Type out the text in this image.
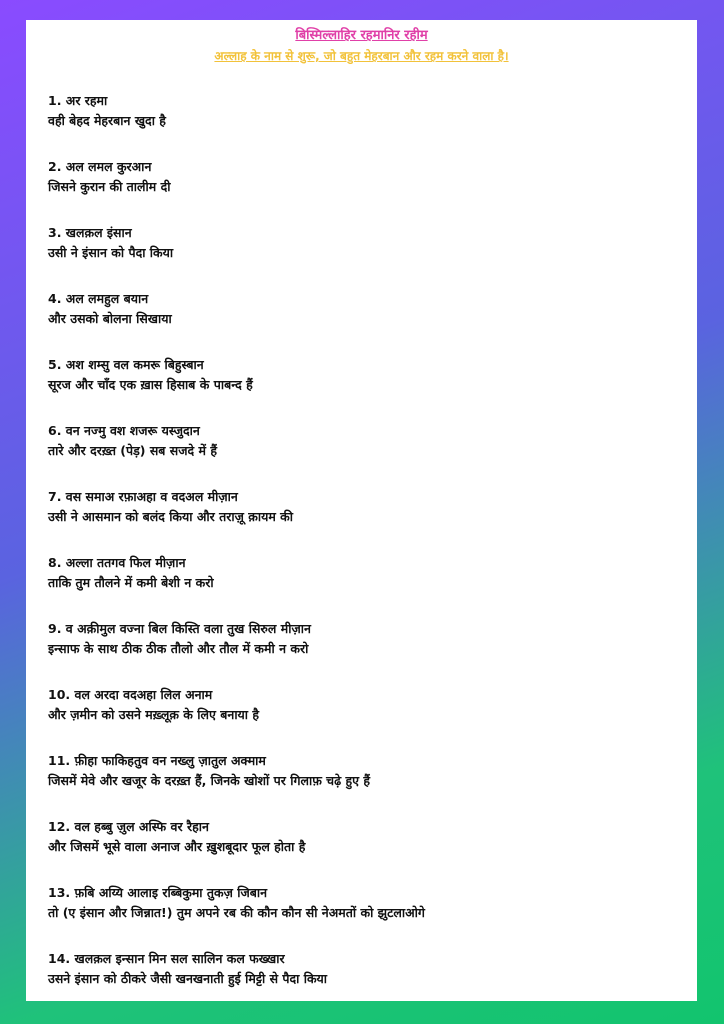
बिस्मिल्लाहिर रहमानिर रहीम
अल्लाह के नाम से शुरू, जो बहुत मेहरबान और रहम करने वाला है।
1. अर रहमा
वही बेहद मेहरबान खुदा है
2. अल लमल कुरआन
जिसने कुरान की तालीम दी
3. खलक़ल इंसान
उसी ने इंसान को पैदा किया
4. अल लमहुल बयान
और उसको बोलना सिखाया
5. अश शम्सु वल कमरू बिहुस्बान
सूरज और चाँद एक ख़ास हिसाब के पाबन्द हैं
6. वन नज्मु वश शजरू यस्जुदान
तारे और दरख़्त (पेड़) सब सजदे में हैं
7. वस समाअ रफ़ाअहा व वदअल मीज़ान
उसी ने आसमान को बलंद किया और तराज़ू क़ायम की
8. अल्ला ततगव फिल मीज़ान
ताकि तुम तौलने में कमी बेशी न करो
9. व अक़ीमुल वज्ना बिल किस्ति वला तुख सिरुल मीज़ान
इन्साफ के साथ ठीक ठीक तौलो और तौल में कमी न करो
10. वल अरदा वदअहा लिल अनाम
और ज़मीन को उसने मख़्लूक़ के लिए बनाया है
11. फ़ीहा फाकिहतुव वन नख्लु ज़ातुल अक्माम
जिसमें मेवे और खजूर के दरख़्त हैं, जिनके खोशों पर गिलाफ़ चढ़े हुए हैं
12. वल हब्बु ज़ुल अस्फि वर रैहान
और जिसमें भूसे वाला अनाज और ख़ुशबूदार फूल होता है
13. फ़बि अय्यि आलाइ रब्बिकुमा तुकज़ जिबान
तो (ए इंसान और जिन्नात!) तुम अपने रब की कौन कौन सी नेअमतों को झुटलाओगे
14. खलक़ल इन्सान मिन सल सालिन कल फख्खार
उसने इंसान को ठीकरे जैसी खनखनाती हुई मिट्टी से पैदा किया
